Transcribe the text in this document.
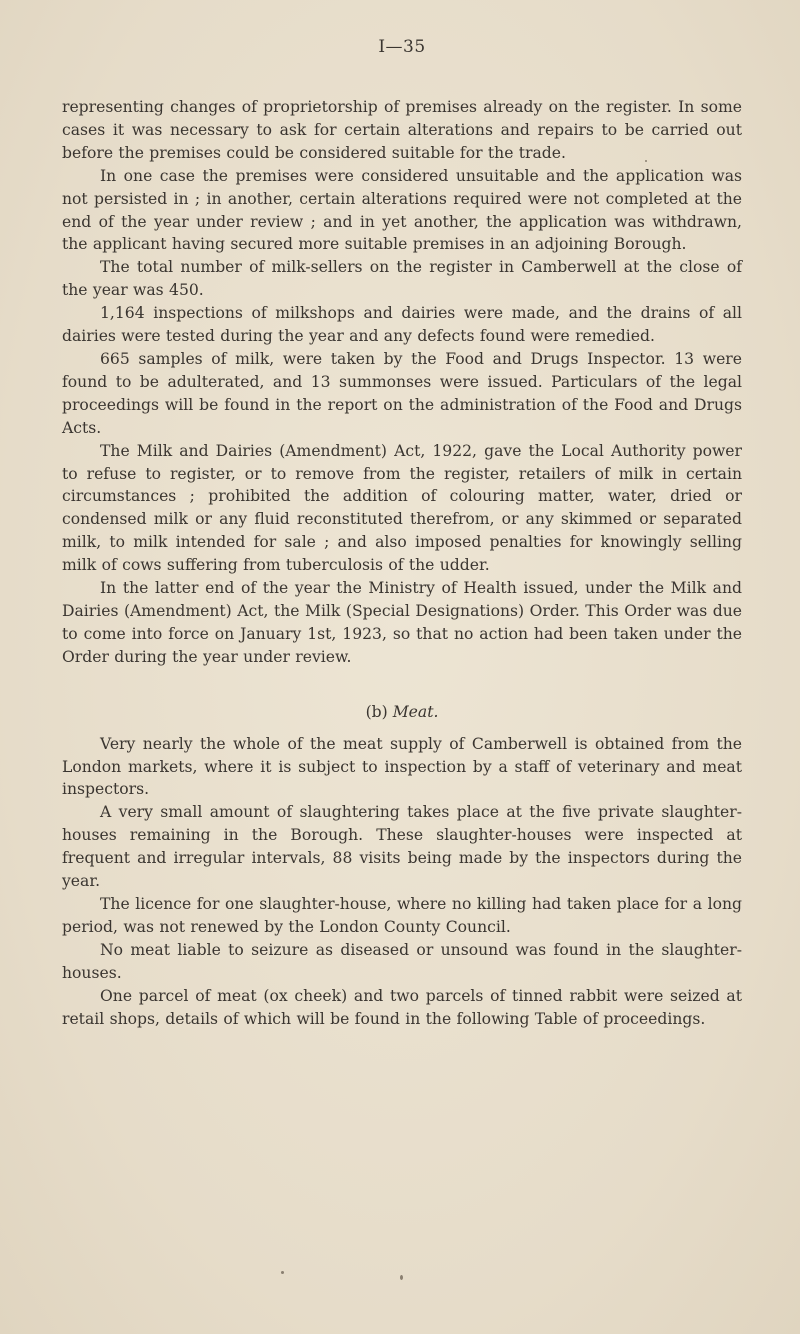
I—35

representing changes of proprietorship of premises already on the register. In some cases it was necessary to ask for certain alterations and repairs to be carried out before the premises could be considered suitable for the trade.

In one case the premises were considered unsuitable and the application was not persisted in ; in another, certain alterations required were not completed at the end of the year under review ; and in yet another, the application was withdrawn, the applicant having secured more suitable premises in an adjoining Borough.

The total number of milk-sellers on the register in Camberwell at the close of the year was 450.

1,164 inspections of milkshops and dairies were made, and the drains of all dairies were tested during the year and any defects found were remedied.

665 samples of milk, were taken by the Food and Drugs Inspector. 13 were found to be adulterated, and 13 summonses were issued. Particulars of the legal proceedings will be found in the report on the administration of the Food and Drugs Acts.

The Milk and Dairies (Amendment) Act, 1922, gave the Local Authority power to refuse to register, or to remove from the register, retailers of milk in certain circumstances ; prohibited the addition of colouring matter, water, dried or condensed milk or any fluid reconstituted therefrom, or any skimmed or separated milk, to milk intended for sale ; and also imposed penalties for knowingly selling milk of cows suffering from tuberculosis of the udder.

In the latter end of the year the Ministry of Health issued, under the Milk and Dairies (Amendment) Act, the Milk (Special Designations) Order. This Order was due to come into force on January 1st, 1923, so that no action had been taken under the Order during the year under review.

(b) Meat.

Very nearly the whole of the meat supply of Camberwell is obtained from the London markets, where it is subject to inspection by a staff of veterinary and meat inspectors.

A very small amount of slaughtering takes place at the five private slaughter-houses remaining in the Borough. These slaughter-houses were inspected at frequent and irregular intervals, 88 visits being made by the inspectors during the year.

The licence for one slaughter-house, where no killing had taken place for a long period, was not renewed by the London County Council.

No meat liable to seizure as diseased or unsound was found in the slaughter-houses.

One parcel of meat (ox cheek) and two parcels of tinned rabbit were seized at retail shops, details of which will be found in the following Table of proceedings.
